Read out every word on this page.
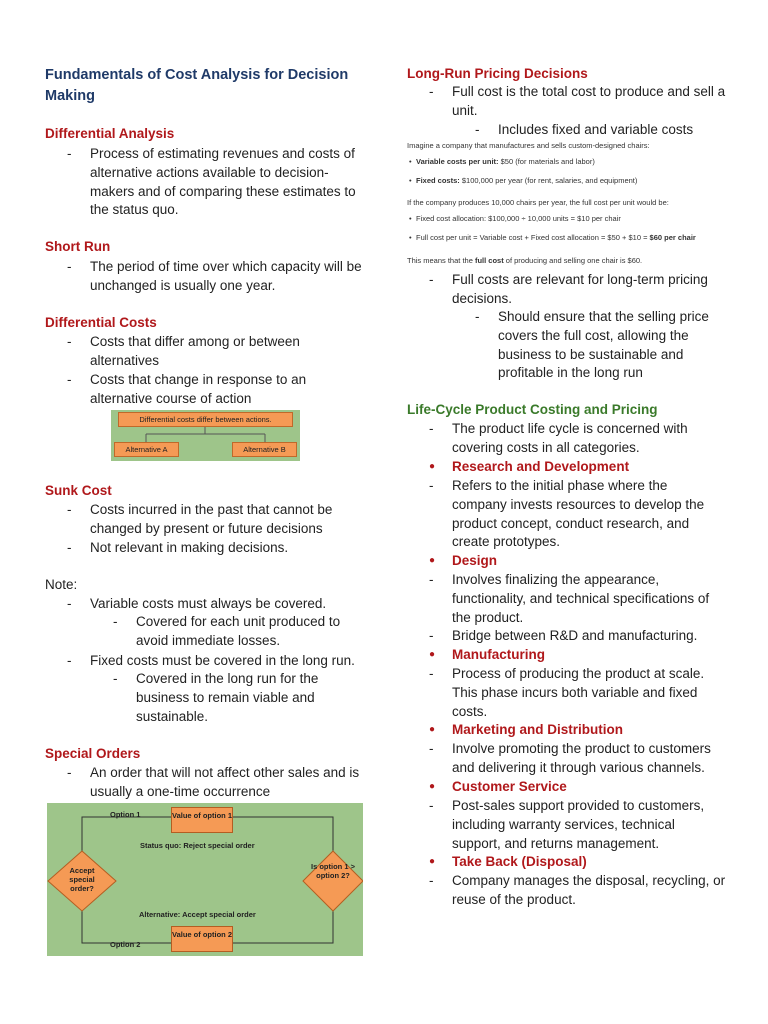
Fundamentals of Cost Analysis for Decision Making
Differential Analysis
- Process of estimating revenues and costs of alternative actions available to decision-makers and of comparing these estimates to the status quo.
Short Run
- The period of time over which capacity will be unchanged is usually one year.
Differential Costs
- Costs that differ among or between alternatives
- Costs that change in response to an alternative course of action
Sunk Cost
- Costs incurred in the past that cannot be changed by present or future decisions
- Not relevant in making decisions.
Note:
- Variable costs must always be covered.
- Covered for each unit produced to avoid immediate losses.
- Fixed costs must be covered in the long run.
- Covered in the long run for the business to remain viable and sustainable.
Special Orders
- An order that will not affect other sales and is usually a one-time occurrence
Differential costs differ between actions.
Alternative A	Alternative B
Option 1	Value of option 1
Status quo: Reject special order
Accept special order?
Is option 1 > option 2?
Alternative: Accept special order
Value of option 2
Option 2
Long-Run Pricing Decisions
- Full cost is the total cost to produce and sell a unit.
- Includes fixed and variable costs
Imagine a company that manufactures and sells custom-designed chairs:
• Variable costs per unit: $50 (for materials and labor)
• Fixed costs: $100,000 per year (for rent, salaries, and equipment)
If the company produces 10,000 chairs per year, the full cost per unit would be:
• Fixed cost allocation: $100,000 ÷ 10,000 units = $10 per chair
• Full cost per unit = Variable cost + Fixed cost allocation = $50 + $10 = $60 per chair
This means that the full cost of producing and selling one chair is $60.
- Full costs are relevant for long-term pricing decisions.
- Should ensure that the selling price covers the full cost, allowing the business to be sustainable and profitable in the long run
Life-Cycle Product Costing and Pricing
- The product life cycle is concerned with covering costs in all categories.
● Research and Development
- Refers to the initial phase where the company invests resources to develop the product concept, conduct research, and create prototypes.
● Design
- Involves finalizing the appearance, functionality, and technical specifications of the product.
- Bridge between R&D and manufacturing.
● Manufacturing
- Process of producing the product at scale. This phase incurs both variable and fixed costs.
● Marketing and Distribution
- Involve promoting the product to customers and delivering it through various channels.
● Customer Service
- Post-sales support provided to customers, including warranty services, technical support, and returns management.
● Take Back (Disposal)
- Company manages the disposal, recycling, or reuse of the product.
